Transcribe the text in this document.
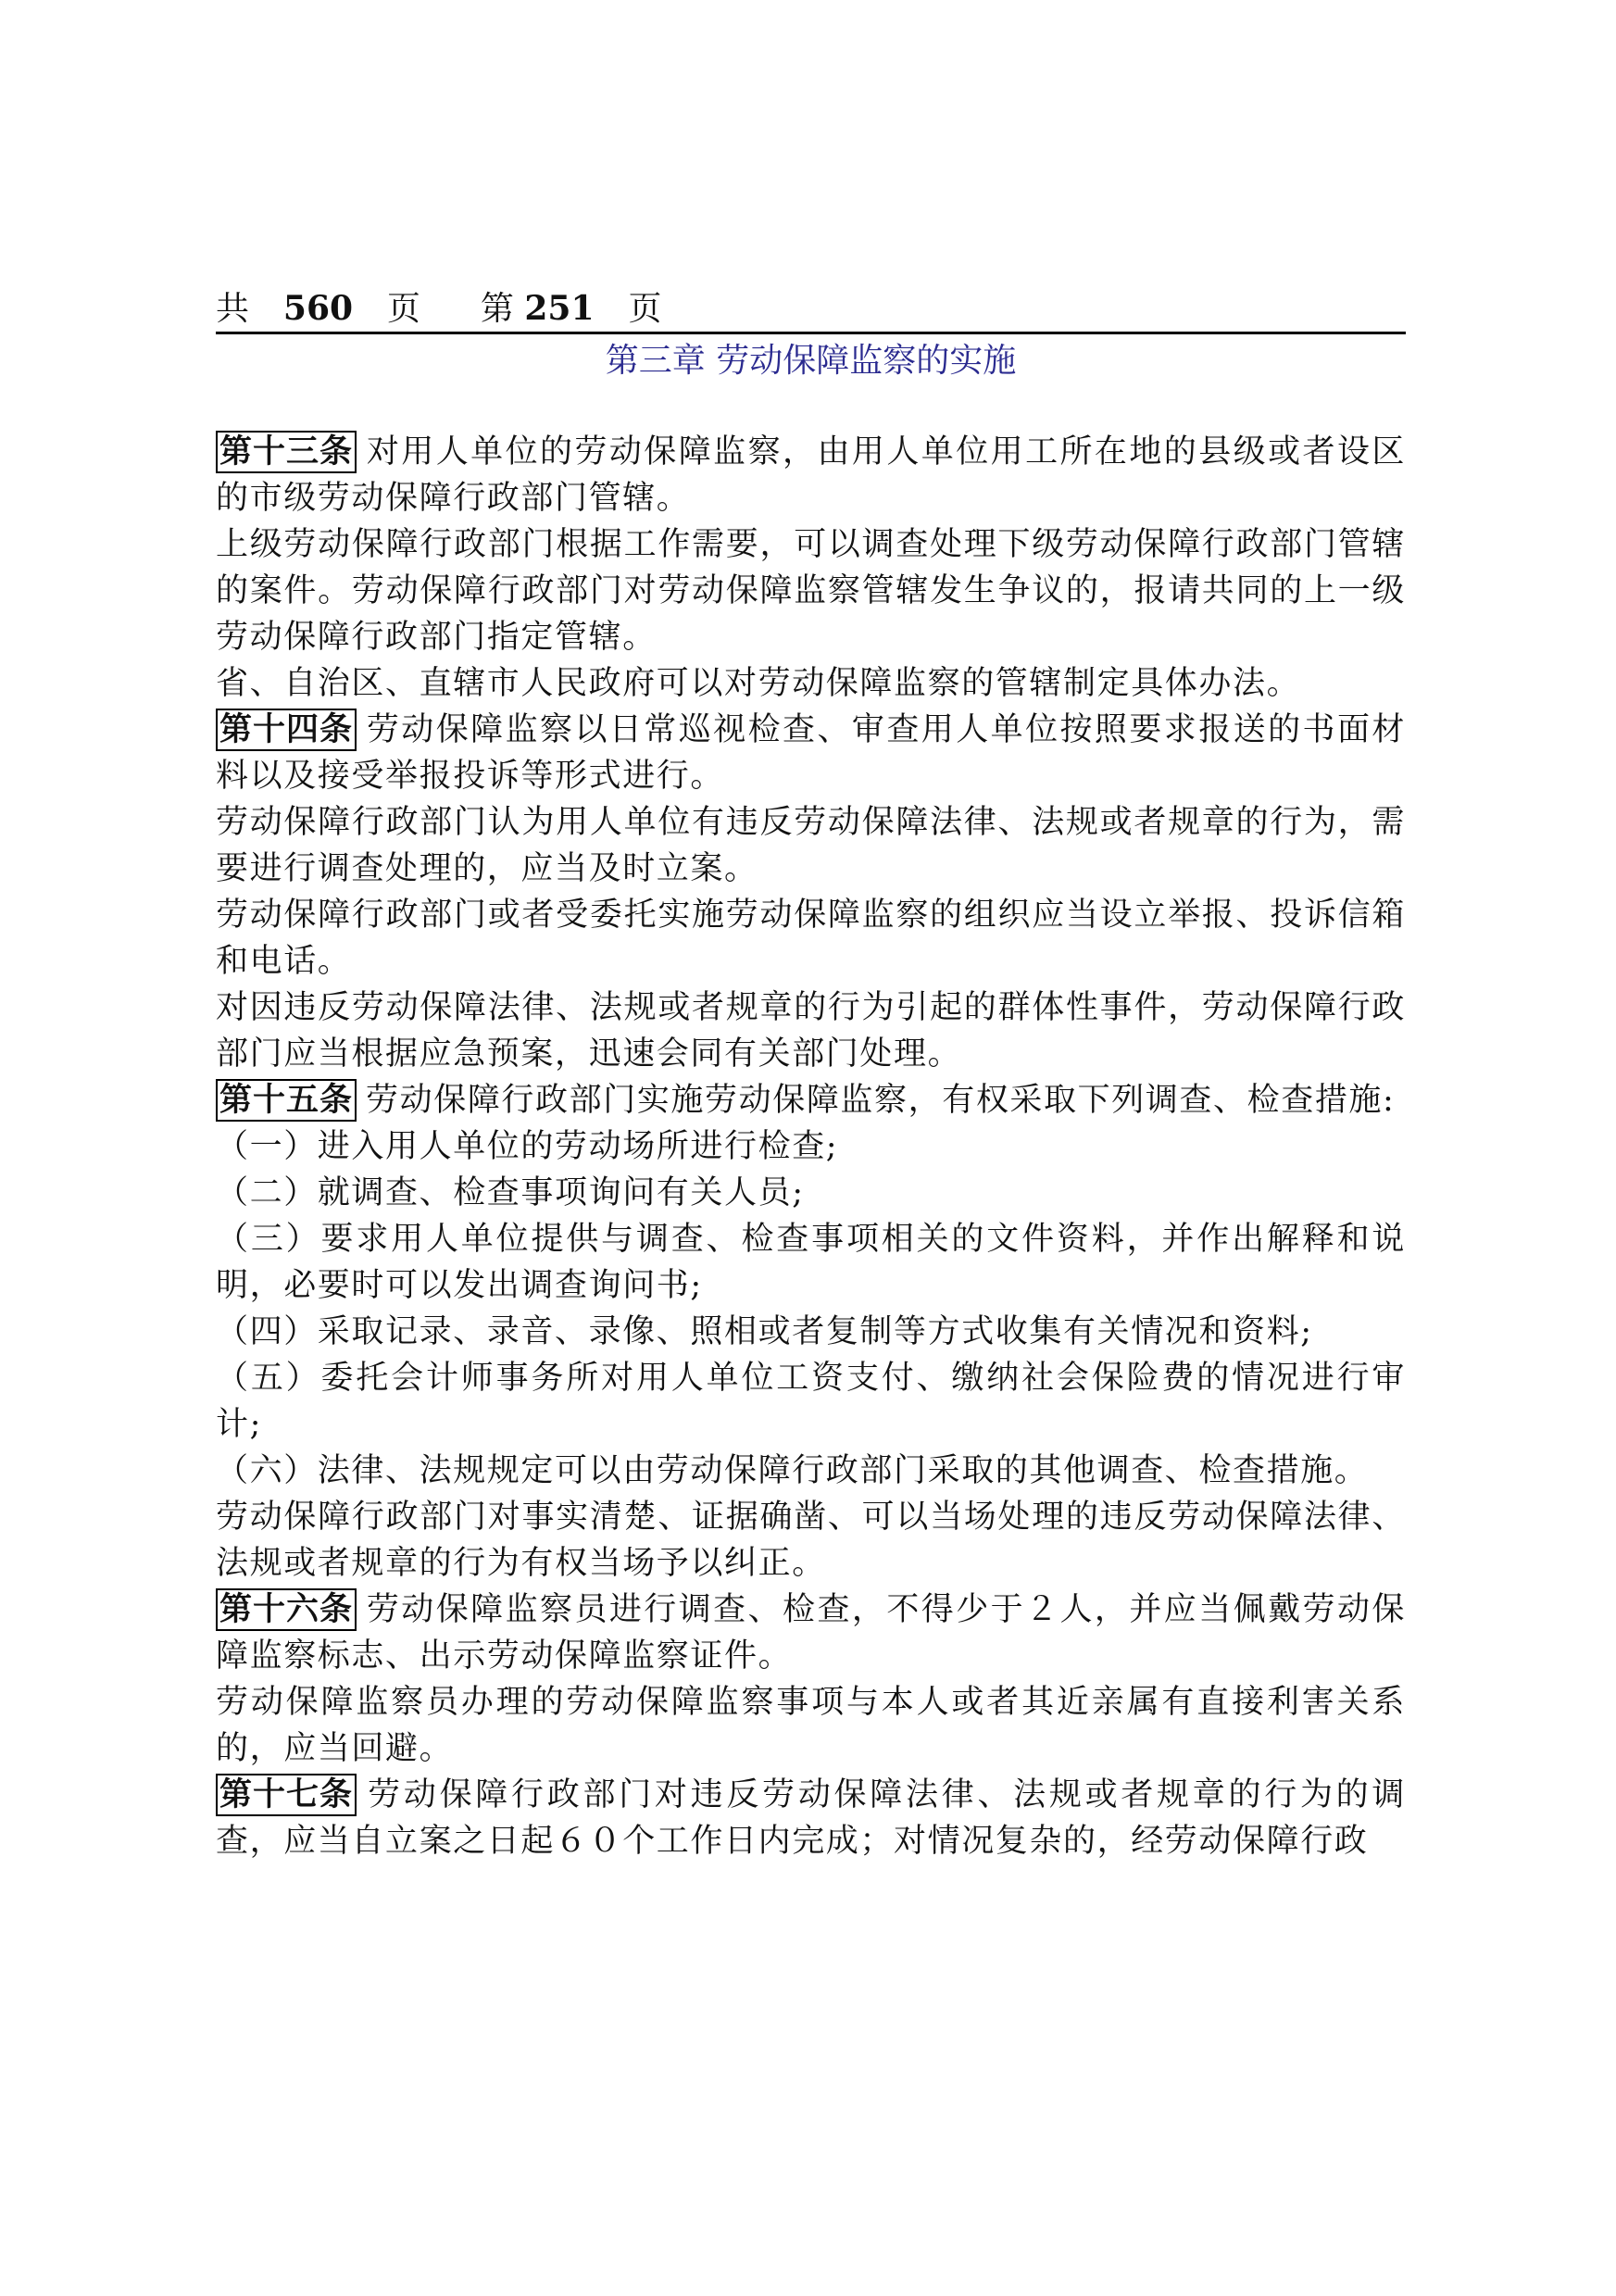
共 560 页 第 251 页
第三章 劳动保障监察的实施

第十三条 对用人单位的劳动保障监察，由用人单位用工所在地的县级或者设区的市级劳动保障行政部门管辖。

上级劳动保障行政部门根据工作需要，可以调查处理下级劳动保障行政部门管辖的案件。劳动保障行政部门对劳动保障监察管辖发生争议的，报请共同的上一级劳动保障行政部门指定管辖。

省、自治区、直辖市人民政府可以对劳动保障监察的管辖制定具体办法。

第十四条 劳动保障监察以日常巡视检查、审查用人单位按照要求报送的书面材料以及接受举报投诉等形式进行。

劳动保障行政部门认为用人单位有违反劳动保障法律、法规或者规章的行为，需要进行调查处理的，应当及时立案。

劳动保障行政部门或者受委托实施劳动保障监察的组织应当设立举报、投诉信箱和电话。

对因违反劳动保障法律、法规或者规章的行为引起的群体性事件，劳动保障行政部门应当根据应急预案，迅速会同有关部门处理。

第十五条 劳动保障行政部门实施劳动保障监察，有权采取下列调查、检查措施:

（一）进入用人单位的劳动场所进行检查;

（二）就调查、检查事项询问有关人员;

（三）要求用人单位提供与调查、检查事项相关的文件资料，并作出解释和说明，必要时可以发出调查询问书;

（四）采取记录、录音、录像、照相或者复制等方式收集有关情况和资料;

（五）委托会计师事务所对用人单位工资支付、缴纳社会保险费的情况进行审计;

（六）法律、法规规定可以由劳动保障行政部门采取的其他调查、检查措施。

劳动保障行政部门对事实清楚、证据确凿、可以当场处理的违反劳动保障法律、法规或者规章的行为有权当场予以纠正。

第十六条 劳动保障监察员进行调查、检查，不得少于２人，并应当佩戴劳动保障监察标志、出示劳动保障监察证件。

劳动保障监察员办理的劳动保障监察事项与本人或者其近亲属有直接利害关系的，应当回避。

第十七条 劳动保障行政部门对违反劳动保障法律、法规或者规章的行为的调查，应当自立案之日起６０个工作日内完成；对情况复杂的，经劳动保障行政
